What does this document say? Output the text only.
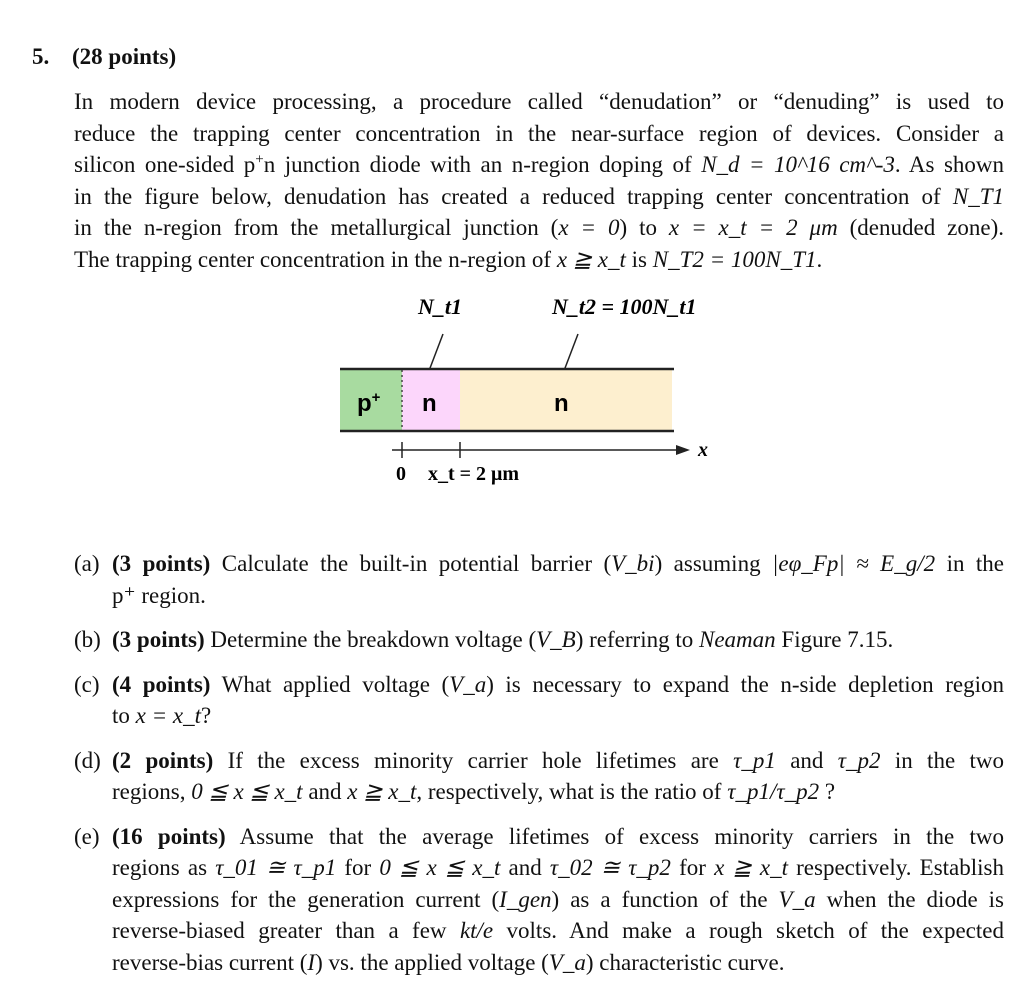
5. (28 points)
In modern device processing, a procedure called “denudation” or “denuding” is used to
reduce the trapping center concentration in the near-surface region of devices. Consider a
silicon one-sided p+n junction diode with an n-region doping of N_d = 10^16 cm^-3. As shown
in the figure below, denudation has created a reduced trapping center concentration of N_T1
in the n-region from the metallurgical junction (x = 0) to x = x_t = 2 μm (denuded zone).
The trapping center concentration in the n-region of x ≧ x_t is N_T2 = 100N_T1.
N_t1	N_t2 = 100N_t1
p+ n	n
x
0 x_t = 2 μm
(a) (3 points) Calculate the built-in potential barrier (V_bi) assuming |eφ_Fp| ≈ E_g/2 in the
p⁺ region.
(b) (3 points) Determine the breakdown voltage (V_B) referring to Neaman Figure 7.15.
(c) (4 points) What applied voltage (V_a) is necessary to expand the n-side depletion region
to x = x_t?
(d) (2 points) If the excess minority carrier hole lifetimes are τ_p1 and τ_p2 in the two
regions, 0 ≦ x ≦ x_t and x ≧ x_t, respectively, what is the ratio of τ_p1/τ_p2 ?
(e) (16 points) Assume that the average lifetimes of excess minority carriers in the two
regions as τ_01 ≅ τ_p1 for 0 ≦ x ≦ x_t and τ_02 ≅ τ_p2 for x ≧ x_t respectively. Establish
expressions for the generation current (I_gen) as a function of the V_a when the diode is
reverse-biased greater than a few kt/e volts. And make a rough sketch of the expected
reverse-bias current (I) vs. the applied voltage (V_a) characteristic curve.
